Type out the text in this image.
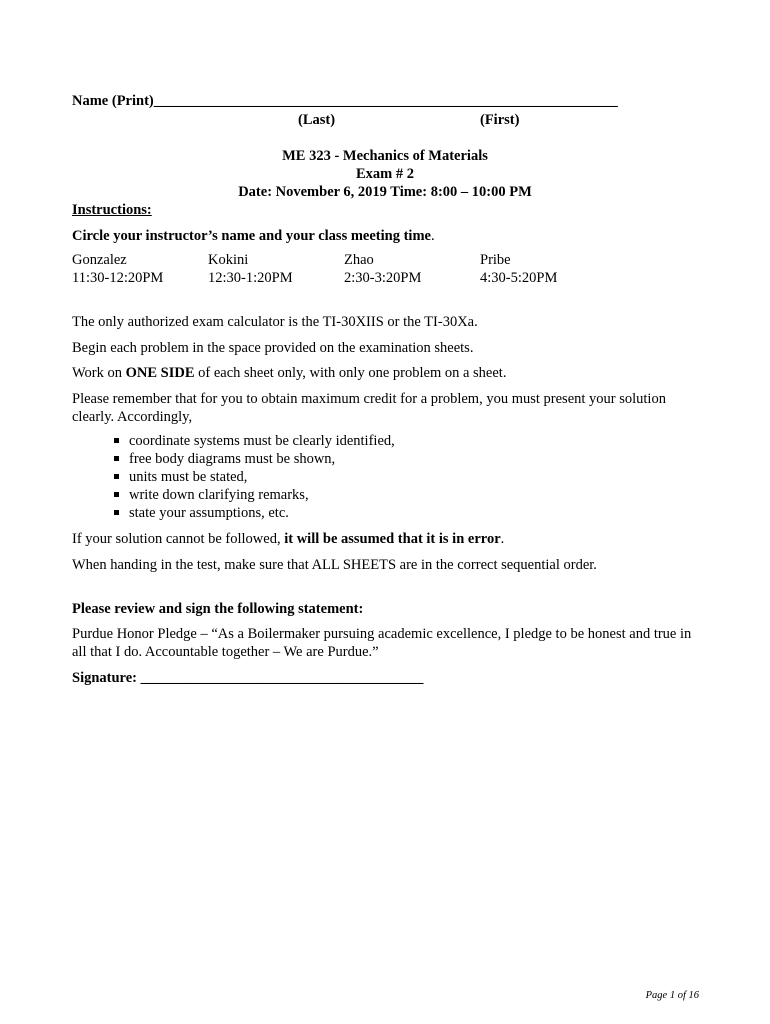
Name (Print)________________________________________________________________
(Last)	(First)
ME 323 - Mechanics of Materials
Exam # 2
Date: November 6, 2019 Time: 8:00 – 10:00 PM
Instructions:
Circle your instructor’s name and your class meeting time.
Gonzalez
11:30-12:20PM
Kokini
12:30-1:20PM
Zhao
2:30-3:20PM
Pribe
4:30-5:20PM
The only authorized exam calculator is the TI-30XIIS or the TI-30Xa.
Begin each problem in the space provided on the examination sheets.
Work on ONE SIDE of each sheet only, with only one problem on a sheet.
Please remember that for you to obtain maximum credit for a problem, you must present your solution clearly. Accordingly,
coordinate systems must be clearly identified,
free body diagrams must be shown,
units must be stated,
write down clarifying remarks,
state your assumptions, etc.
If your solution cannot be followed, it will be assumed that it is in error.
When handing in the test, make sure that ALL SHEETS are in the correct sequential order.
Please review and sign the following statement:
Purdue Honor Pledge – “As a Boilermaker pursuing academic excellence, I pledge to be honest and true in all that I do. Accountable together – We are Purdue.”
Signature: _______________________________________
Page 1 of 16
